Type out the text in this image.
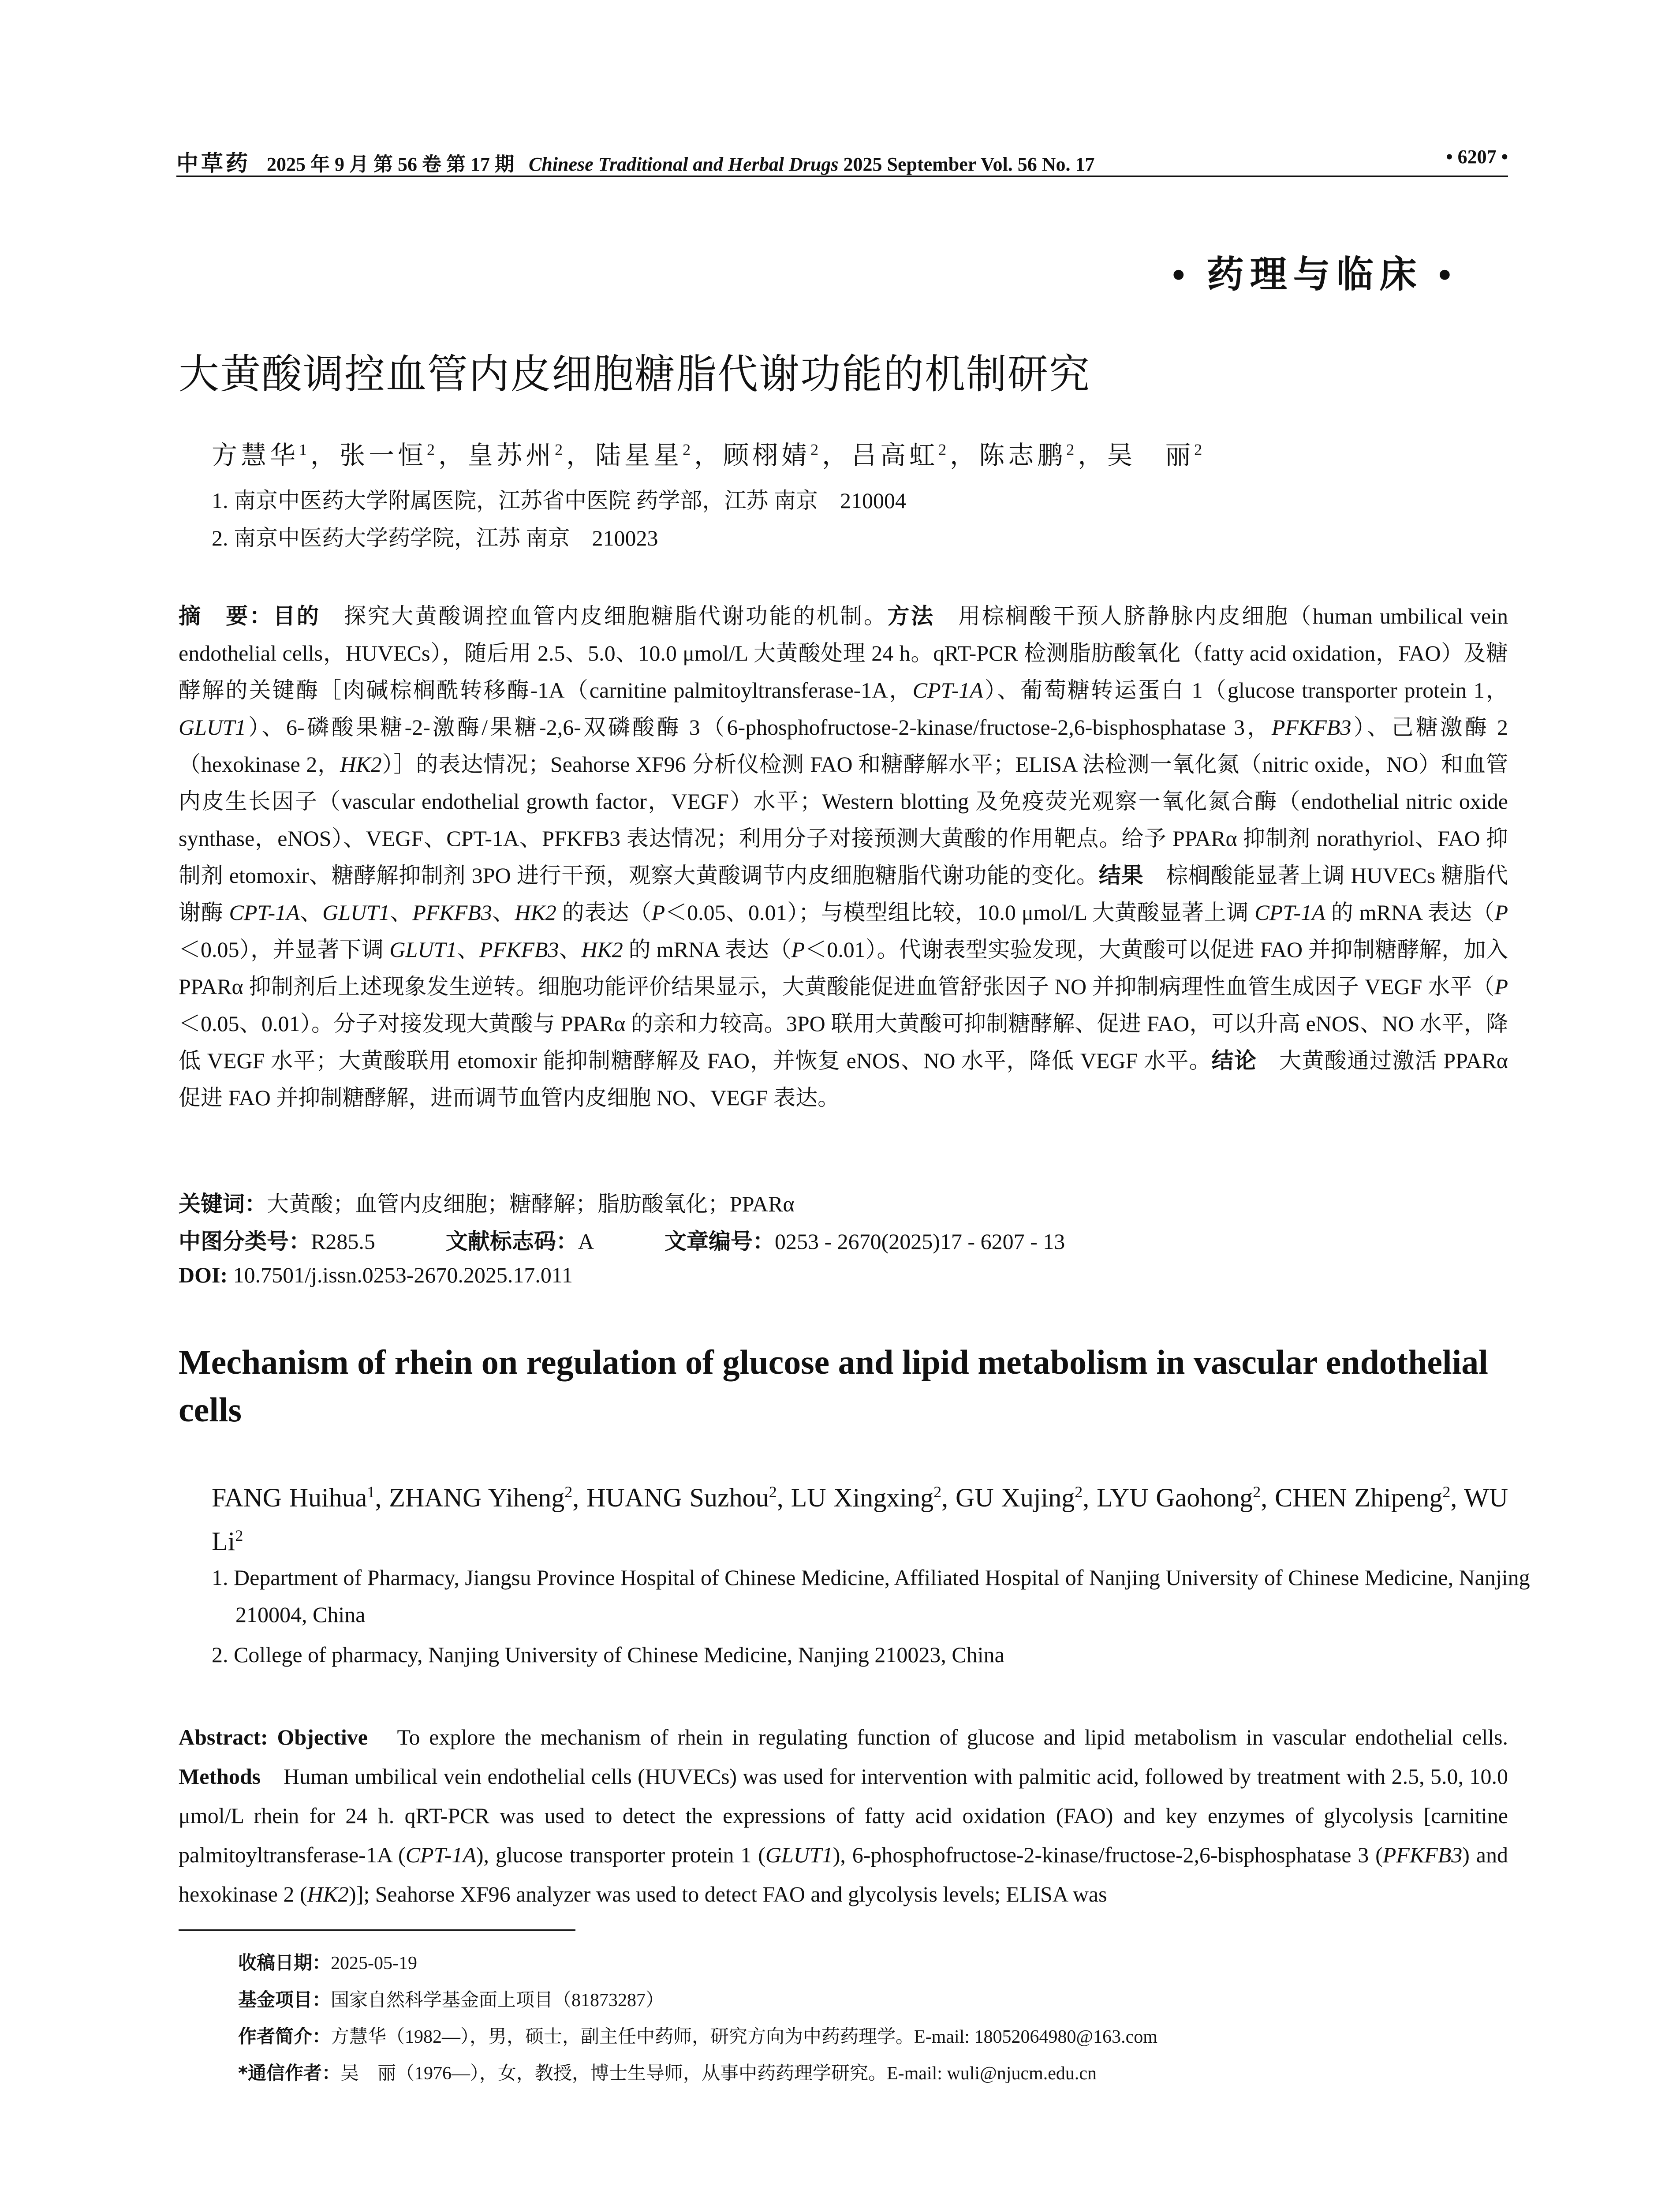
中草药 2025 年 9 月 第 56 卷 第 17 期 Chinese Traditional and Herbal Drugs 2025 September Vol. 56 No. 17	• 6207 •
• 药理与临床 •
大黄酸调控血管内皮细胞糖脂代谢功能的机制研究
方慧华$^1$，张一恒$^2$，皇苏州$^2$，陆星星$^2$，顾栩婧$^2$，吕高虹$^2$，陈志鹏$^2$，吴　丽$^2$
1. 南京中医药大学附属医院，江苏省中医院 药学部，江苏 南京　210004
2. 南京中医药大学药学院，江苏 南京　210023
摘　要：目的　探究大黄酸调控血管内皮细胞糖脂代谢功能的机制。方法　用棕榈酸干预人脐静脉内皮细胞（human umbilical vein endothelial cells，HUVECs），随后用 2.5、5.0、10.0 μmol/L 大黄酸处理 24 h。qRT-PCR 检测脂肪酸氧化（fatty acid oxidation，FAO）及糖酵解的关键酶［肉碱棕榈酰转移酶-1A（carnitine palmitoyltransferase-1A，CPT-1A）、葡萄糖转运蛋白 1（glucose transporter protein 1，GLUT1）、6-磷酸果糖-2-激酶/果糖-2,6-双磷酸酶 3（6-phosphofructose-2-kinase/fructose-2,6-bisphosphatase 3，PFKFB3）、己糖激酶 2（hexokinase 2，HK2）］的表达情况；Seahorse XF96 分析仪检测 FAO 和糖酵解水平；ELISA 法检测一氧化氮（nitric oxide，NO）和血管内皮生长因子（vascular endothelial growth factor，VEGF）水平；Western blotting 及免疫荧光观察一氧化氮合酶（endothelial nitric oxide synthase，eNOS）、VEGF、CPT-1A、PFKFB3 表达情况；利用分子对接预测大黄酸的作用靶点。给予 PPARα 抑制剂 norathyriol、FAO 抑制剂 etomoxir、糖酵解抑制剂 3PO 进行干预，观察大黄酸调节内皮细胞糖脂代谢功能的变化。结果　棕榈酸能显著上调 HUVECs 糖脂代谢酶 CPT-1A、GLUT1、PFKFB3、HK2 的表达（P＜0.05、0.01）；与模型组比较，10.0 μmol/L 大黄酸显著上调 CPT-1A 的 mRNA 表达（P＜0.05），并显著下调 GLUT1、PFKFB3、HK2 的 mRNA 表达（P＜0.01）。代谢表型实验发现，大黄酸可以促进 FAO 并抑制糖酵解，加入 PPARα 抑制剂后上述现象发生逆转。细胞功能评价结果显示，大黄酸能促进血管舒张因子 NO 并抑制病理性血管生成因子 VEGF 水平（P＜0.05、0.01）。分子对接发现大黄酸与 PPARα 的亲和力较高。3PO 联用大黄酸可抑制糖酵解、促进 FAO，可以升高 eNOS、NO 水平，降低 VEGF 水平；大黄酸联用 etomoxir 能抑制糖酵解及 FAO，并恢复 eNOS、NO 水平，降低 VEGF 水平。结论　大黄酸通过激活 PPARα 促进 FAO 并抑制糖酵解，进而调节血管内皮细胞 NO、VEGF 表达。
关键词：大黄酸；血管内皮细胞；糖酵解；脂肪酸氧化；PPARα
中图分类号：R285.5	文献标志码：A	文章编号：0253 - 2670(2025)17 - 6207 - 13
DOI: 10.7501/j.issn.0253-2670.2025.17.011
Mechanism of rhein on regulation of glucose and lipid metabolism in vascular endothelial cells
FANG Huihua$^1$, ZHANG Yiheng$^2$, HUANG Suzhou$^2$, LU Xingxing$^2$, GU Xujing$^2$, LYU Gaohong$^2$, CHEN Zhipeng$^2$, WU Li$^2$
1. Department of Pharmacy, Jiangsu Province Hospital of Chinese Medicine, Affiliated Hospital of Nanjing University of Chinese Medicine, Nanjing 210004, China
2. College of pharmacy, Nanjing University of Chinese Medicine, Nanjing 210023, China
Abstract: Objective　To explore the mechanism of rhein in regulating function of glucose and lipid metabolism in vascular endothelial cells. Methods　Human umbilical vein endothelial cells (HUVECs) was used for intervention with palmitic acid, followed by treatment with 2.5, 5.0, 10.0 μmol/L rhein for 24 h. qRT-PCR was used to detect the expressions of fatty acid oxidation (FAO) and key enzymes of glycolysis [carnitine palmitoyltransferase-1A (CPT-1A), glucose transporter protein 1 (GLUT1), 6-phosphofructose-2-kinase/fructose-2,6-bisphosphatase 3 (PFKFB3) and hexokinase 2 (HK2)]; Seahorse XF96 analyzer was used to detect FAO and glycolysis levels; ELISA was
收稿日期：2025-05-19
基金项目：国家自然科学基金面上项目（81873287）
作者简介：方慧华（1982—），男，硕士，副主任中药师，研究方向为中药药理学。E-mail: 18052064980@163.com
*通信作者：吴　丽（1976—），女，教授，博士生导师，从事中药药理学研究。E-mail: wuli@njucm.edu.cn
